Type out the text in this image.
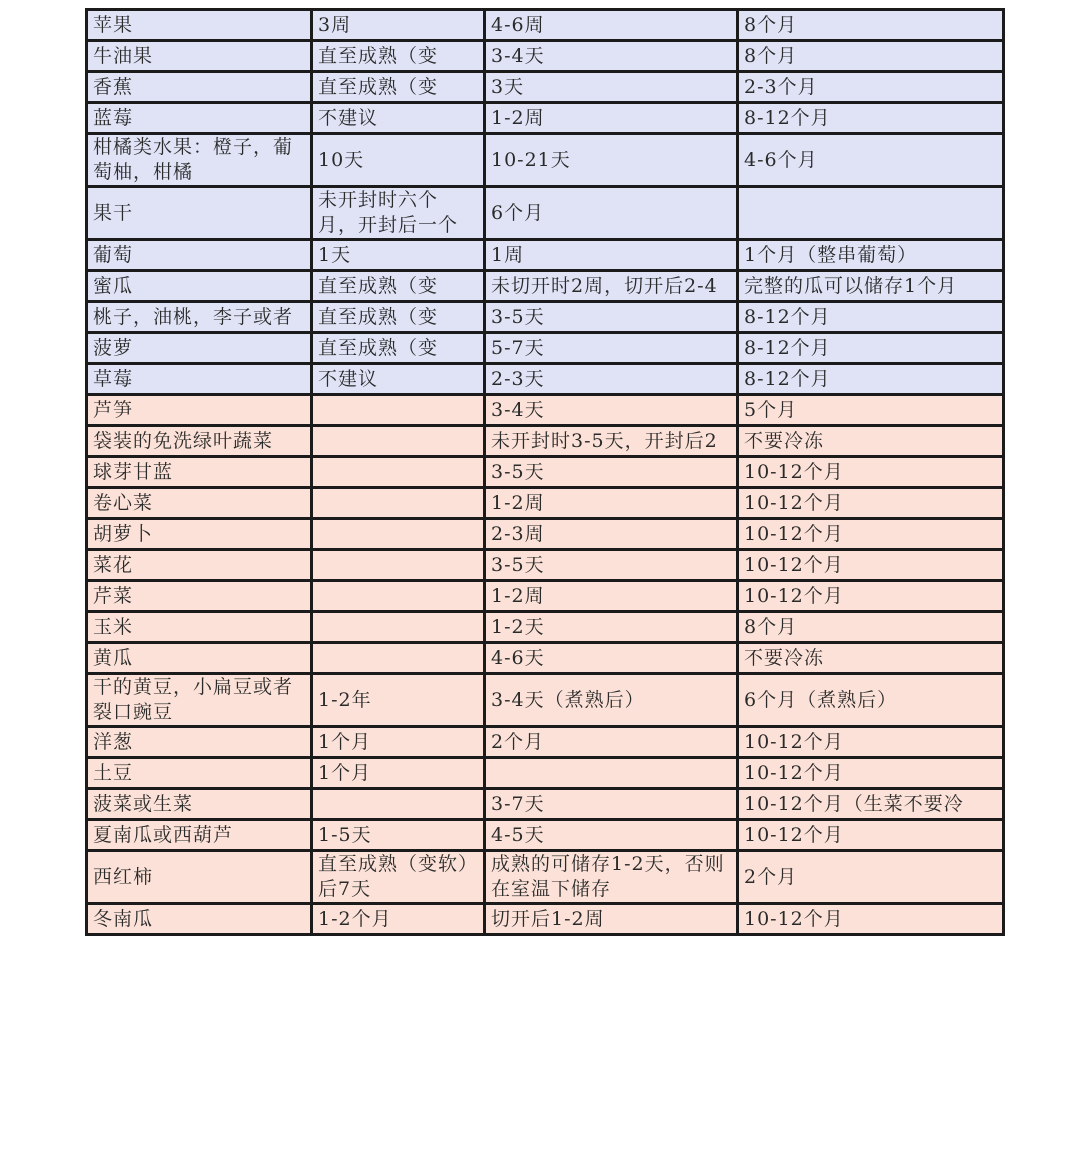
苹果	3周	4-6周	8个月

牛油果	直至成熟（变	3-4天	8个月

香蕉	直至成熟（变	3天	2-3个月

蓝莓	不建议	1-2周	8-12个月

柑橘类水果：橙子，葡萄柚，柑橘	10天	10-21天	4-6个月

果干	未开封时六个月，开封后一个	6个月	

葡萄	1天	1周	1个月（整串葡萄）

蜜瓜	直至成熟（变	未切开时2周，切开后2-4	完整的瓜可以储存1个月

桃子，油桃，李子或者	直至成熟（变	3-5天	8-12个月

菠萝	直至成熟（变	5-7天	8-12个月

草莓	不建议	2-3天	8-12个月

芦笋		3-4天	5个月

袋装的免洗绿叶蔬菜		未开封时3-5天，开封后2	不要冷冻

球芽甘蓝		3-5天	10-12个月

卷心菜		1-2周	10-12个月

胡萝卜		2-3周	10-12个月

菜花		3-5天	10-12个月

芹菜		1-2周	10-12个月

玉米		1-2天	8个月

黄瓜		4-6天	不要冷冻

干的黄豆，小扁豆或者裂口豌豆	1-2年	3-4天（煮熟后）	6个月（煮熟后）

洋葱	1个月	2个月	10-12个月

土豆	1个月		10-12个月

菠菜或生菜		3-7天	10-12个月（生菜不要冷

夏南瓜或西葫芦	1-5天	4-5天	10-12个月

西红柿	直至成熟（变软）后7天	成熟的可储存1-2天，否则在室温下储存	2个月

冬南瓜	1-2个月	切开后1-2周	10-12个月
